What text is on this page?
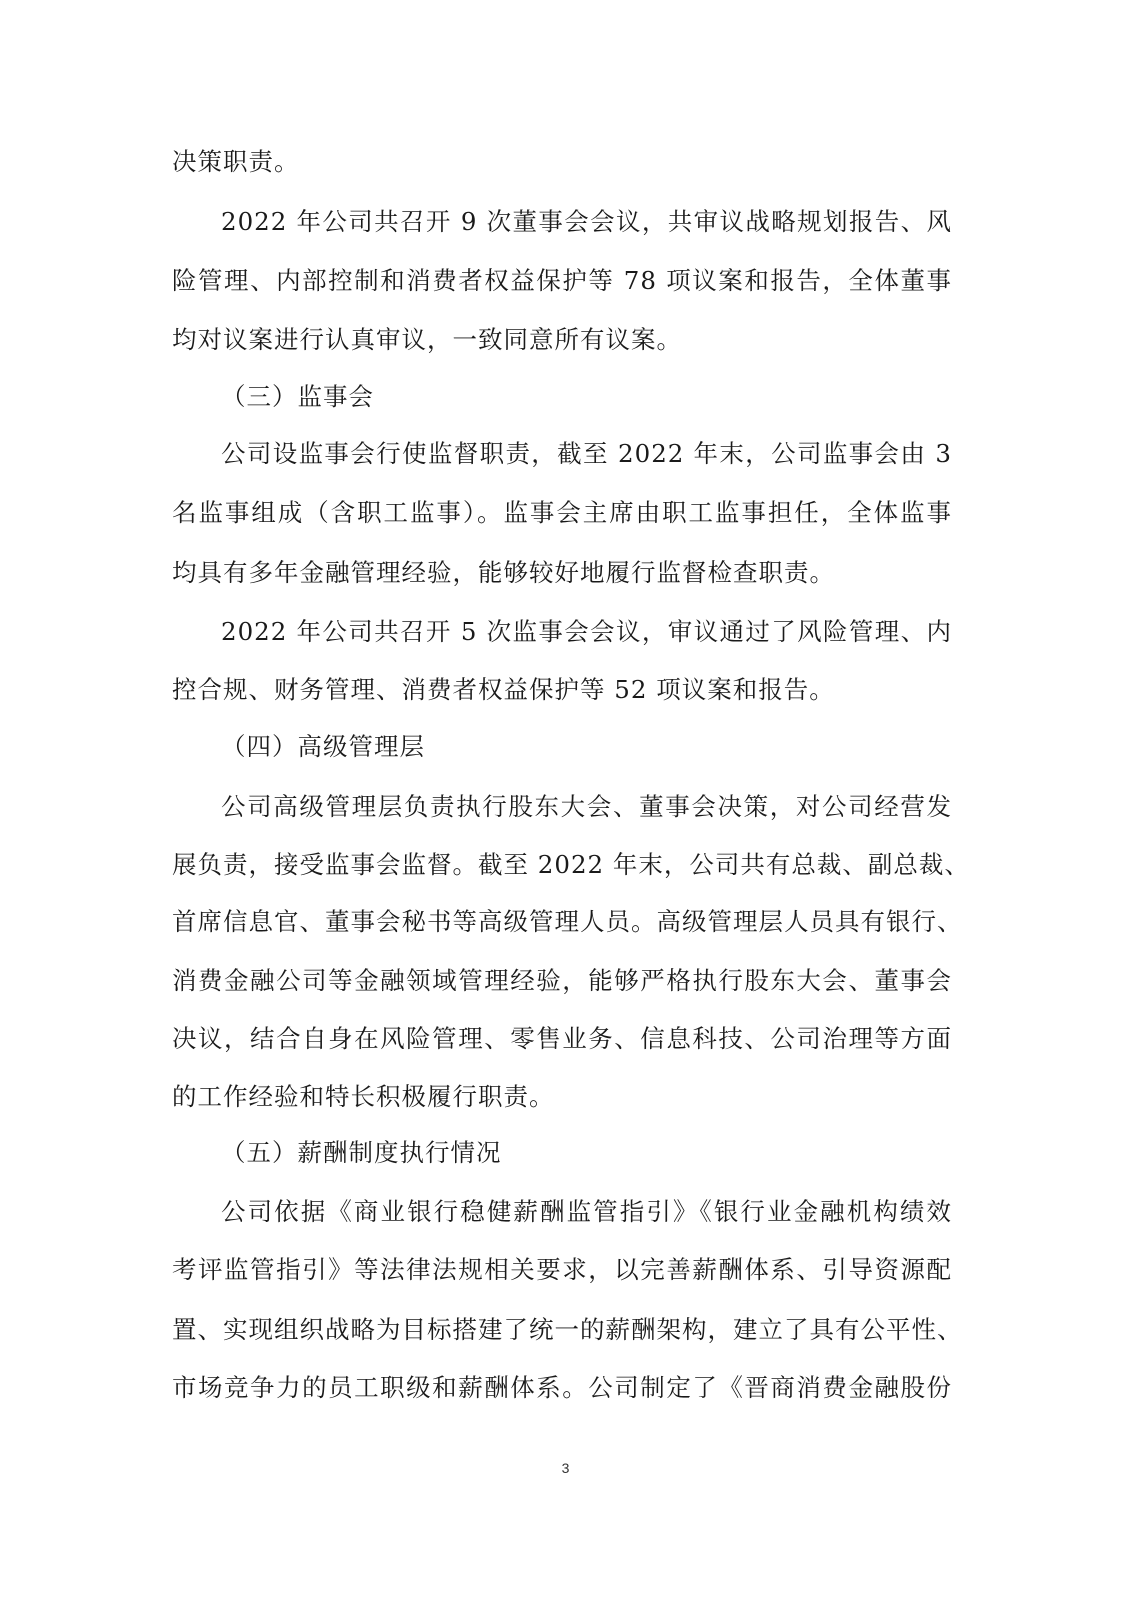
决策职责。
2022 年公司共召开 9 次董事会会议，共审议战略规划报告、风
险管理、内部控制和消费者权益保护等 78 项议案和报告，全体董事
均对议案进行认真审议，一致同意所有议案。
（三）监事会
公司设监事会行使监督职责，截至 2022 年末，公司监事会由 3
名监事组成（含职工监事）。监事会主席由职工监事担任，全体监事
均具有多年金融管理经验，能够较好地履行监督检查职责。
2022 年公司共召开 5 次监事会会议，审议通过了风险管理、内
控合规、财务管理、消费者权益保护等 52 项议案和报告。
（四）高级管理层
公司高级管理层负责执行股东大会、董事会决策，对公司经营发
展负责，接受监事会监督。截至 2022 年末，公司共有总裁、副总裁、
首席信息官、董事会秘书等高级管理人员。高级管理层人员具有银行、
消费金融公司等金融领域管理经验，能够严格执行股东大会、董事会
决议，结合自身在风险管理、零售业务、信息科技、公司治理等方面
的工作经验和特长积极履行职责。
（五）薪酬制度执行情况
公司依据《商业银行稳健薪酬监管指引》《银行业金融机构绩效
考评监管指引》等法律法规相关要求，以完善薪酬体系、引导资源配
置、实现组织战略为目标搭建了统一的薪酬架构，建立了具有公平性、
市场竞争力的员工职级和薪酬体系。公司制定了《晋商消费金融股份
3
